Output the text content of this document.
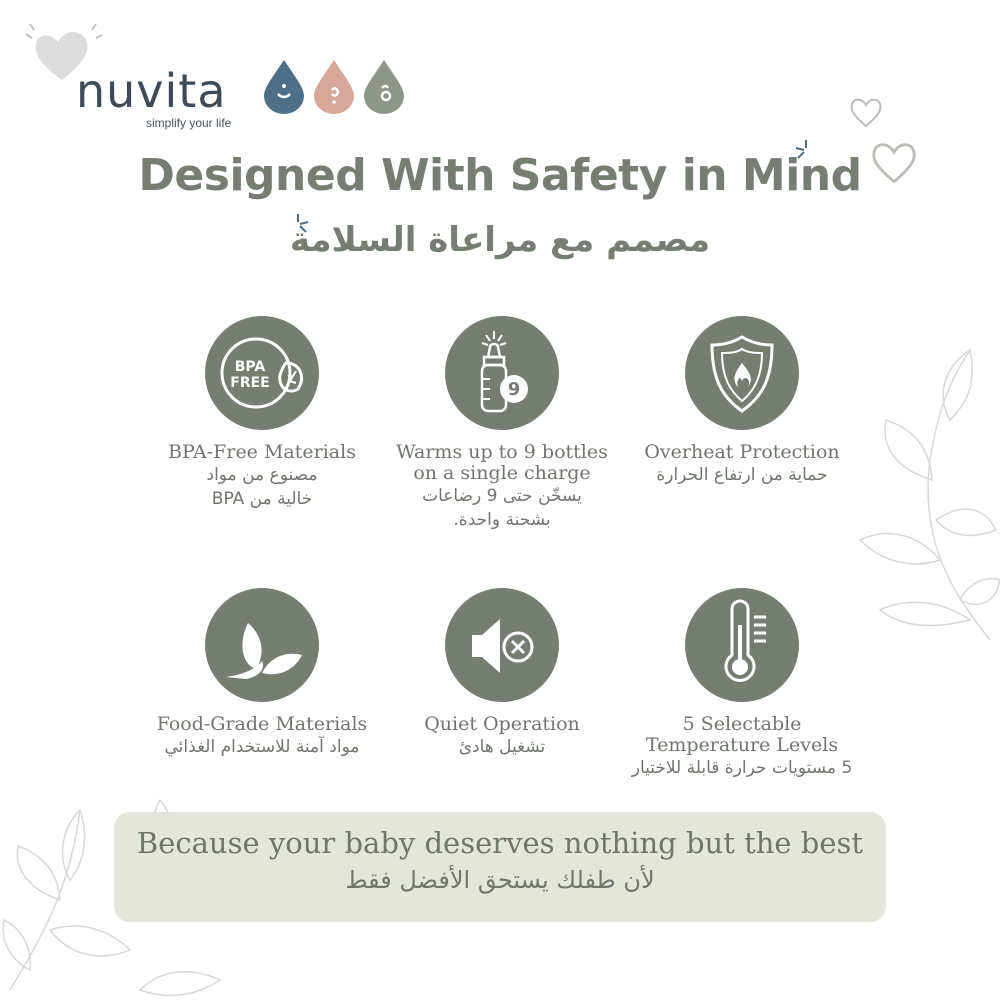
nuvita
simplify your life
Designed With Safety in Mind
مصمم مع مراعاة السلامة
BPA
FREE
BPA-Free Materials
مصنوع من مواد
خالية من BPA
9
Warms up to 9 bottles
on a single charge
يسخّن حتى 9 رضاعات
بشحنة واحدة.
Overheat Protection
حماية من ارتفاع الحرارة
Food-Grade Materials
مواد آمنة للاستخدام الغذائي
Quiet Operation
تشغيل هادئ
5 Selectable
Temperature Levels
5 مستويات حرارة قابلة للاختيار
Because your baby deserves nothing but the best
لأن طفلك يستحق الأفضل فقط
